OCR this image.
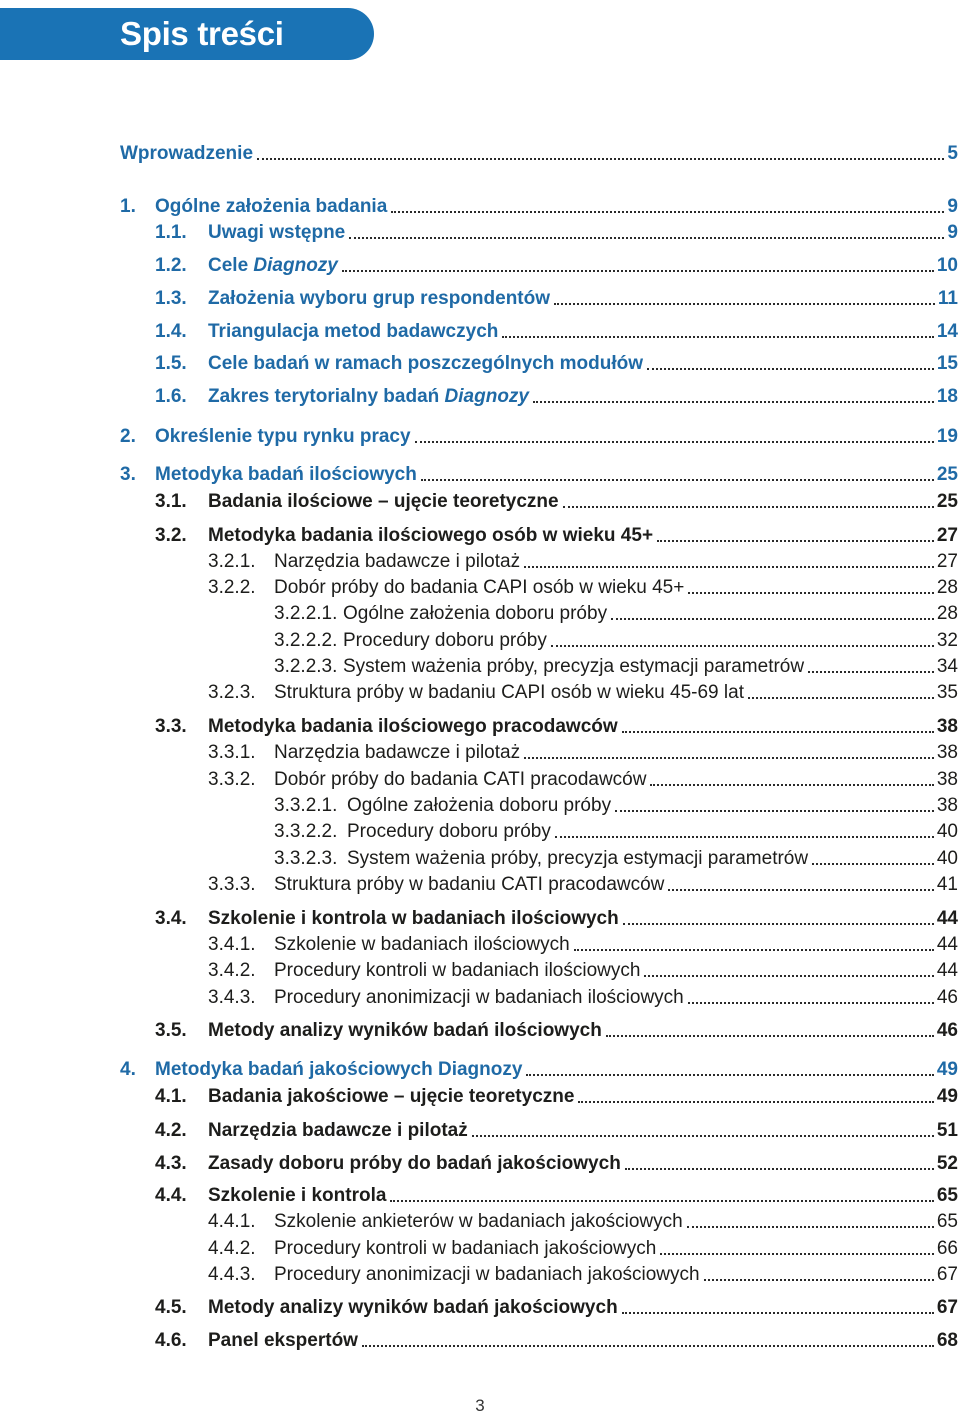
Spis treści
Wprowadzenie	5
1. Ogólne założenia badania	9
1.1. Uwagi wstępne	9
1.2. Cele Diagnozy	10
1.3. Założenia wyboru grup respondentów	11
1.4. Triangulacja metod badawczych	14
1.5. Cele badań w ramach poszczególnych modułów	15
1.6. Zakres terytorialny badań Diagnozy	18
2. Określenie typu rynku pracy	19
3. Metodyka badań ilościowych	25
3.1. Badania ilościowe – ujęcie teoretyczne	25
3.2. Metodyka badania ilościowego osób w wieku 45+	27
3.2.1. Narzędzia badawcze i pilotaż	27
3.2.2. Dobór próby do badania CAPI osób w wieku 45+	28
3.2.2.1. Ogólne założenia doboru próby	28
3.2.2.2. Procedury doboru próby	32
3.2.2.3. System ważenia próby, precyzja estymacji parametrów	34
3.2.3. Struktura próby w badaniu CAPI osób w wieku 45-69 lat	35
3.3. Metodyka badania ilościowego pracodawców	38
3.3.1. Narzędzia badawcze i pilotaż	38
3.3.2. Dobór próby do badania CATI pracodawców	38
3.3.2.1. Ogólne założenia doboru próby	38
3.3.2.2. Procedury doboru próby	40
3.3.2.3. System ważenia próby, precyzja estymacji parametrów	40
3.3.3. Struktura próby w badaniu CATI pracodawców	41
3.4. Szkolenie i kontrola w badaniach ilościowych	44
3.4.1. Szkolenie w badaniach ilościowych	44
3.4.2. Procedury kontroli w badaniach ilościowych	44
3.4.3. Procedury anonimizacji w badaniach ilościowych	46
3.5. Metody analizy wyników badań ilościowych	46
4. Metodyka badań jakościowych Diagnozy	49
4.1. Badania jakościowe – ujęcie teoretyczne	49
4.2. Narzędzia badawcze i pilotaż	51
4.3. Zasady doboru próby do badań jakościowych	52
4.4. Szkolenie i kontrola	65
4.4.1. Szkolenie ankieterów w badaniach jakościowych	65
4.4.2. Procedury kontroli w badaniach jakościowych	66
4.4.3. Procedury anonimizacji w badaniach jakościowych	67
4.5. Metody analizy wyników badań jakościowych	67
4.6. Panel ekspertów	68
3
